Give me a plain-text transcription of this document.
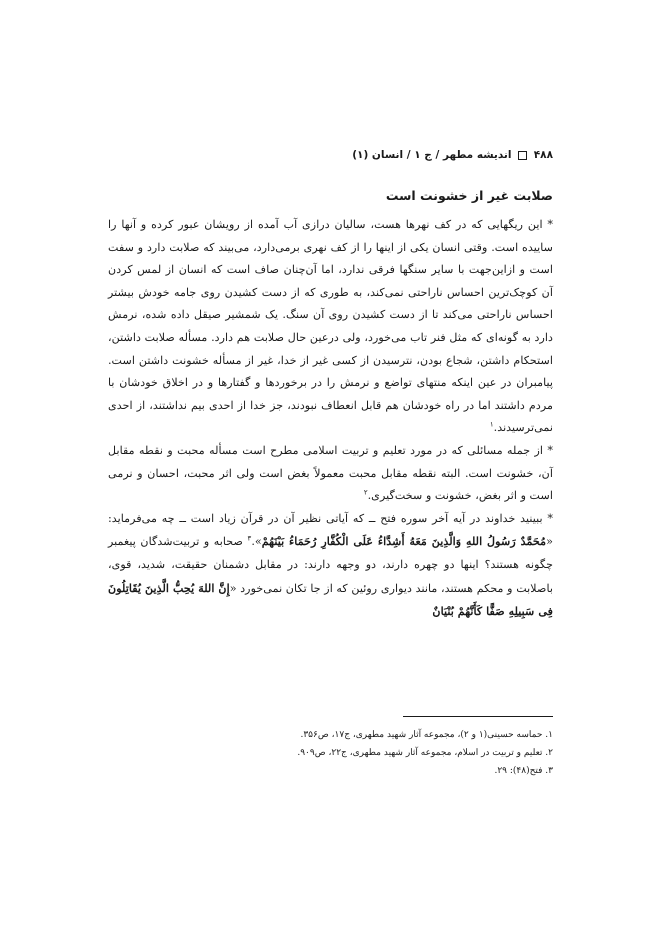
۴۸۸  اندیشه مطهر / ج ۱ / انسان (۱)
صلابت غیر از خشونت است

* این ریگهایی که در کف نهرها هست، سالیان درازی آب آمده از رویشان عبور کرده و آنها را ساییده است. وقتی انسان یکی از اینها را از کف نهری برمی‌دارد، می‌بیند که صلابت دارد و سفت است و ازاین‌جهت با سایر سنگها فرقی ندارد، اما آن‌چنان صاف است که انسان از لمس کردن آن کوچک‌ترین احساس ناراحتی نمی‌کند، به طوری که از دست کشیدن روی جامه خودش بیشتر احساس ناراحتی می‌کند تا از دست کشیدن روی آن سنگ. یک شمشیر صیقل داده شده، نرمش دارد به گونه‌ای که مثل فنر تاب می‌خورد، ولی درعین حال صلابت هم دارد. مسأله صلابت داشتن، استحکام داشتن، شجاع بودن، نترسیدن از کسی غیر از خدا، غیر از مسأله خشونت داشتن است. پیامبران در عین اینکه منتهای تواضع و نرمش را در برخوردها و گفتارها و در اخلاق خودشان با مردم داشتند اما در راه خودشان هم قابل انعطاف نبودند، جز خدا از احدی بیم نداشتند، از احدی نمی‌ترسیدند.$^۱$

* از جمله مسائلی که در مورد تعلیم و تربیت اسلامی مطرح است مسأله محبت و نقطه مقابل آن، خشونت است. البته نقطه مقابل محبت معمولاً بغض است ولی اثر محبت، احسان و نرمی است و اثر بغض، خشونت و سخت‌گیری.$^۲$

* ببینید خداوند در آیه آخر سوره فتح ــ که آیاتی نظیر آن در قرآن زیاد است ــ چه می‌فرماید: «مُحَمَّدٌ رَسُولُ اللهِ وَالَّذِینَ مَعَهُ أَشِدَّاءُ عَلَی الْکُفَّارِ رُحَمَاءُ بَیْنَهُمْ».$^۳$ صحابه و تربیت‌شدگان پیغمبر چگونه هستند؟ اینها دو چهره دارند، دو وجهه دارند: در مقابل دشمنان حقیقت، شدید، قوی، باصلابت و محکم هستند، مانند دیواری روئین که از جا تکان نمی‌خورد «إِنَّ اللهَ یُحِبُّ الَّذِینَ یُقَاتِلُونَ فِی سَبِیلِهِ صَفًّا کَأَنَّهُمْ بُنْیَانٌ

۱. حماسه حسینی(۱ و ۲)، مجموعه آثار شهید مطهری، ج۱۷، ص۳۵۶.
۲. تعلیم و تربیت در اسلام، مجموعه آثار شهید مطهری، ج۲۲، ص۹۰۹.
۳. فتح(۴۸): ۲۹.
